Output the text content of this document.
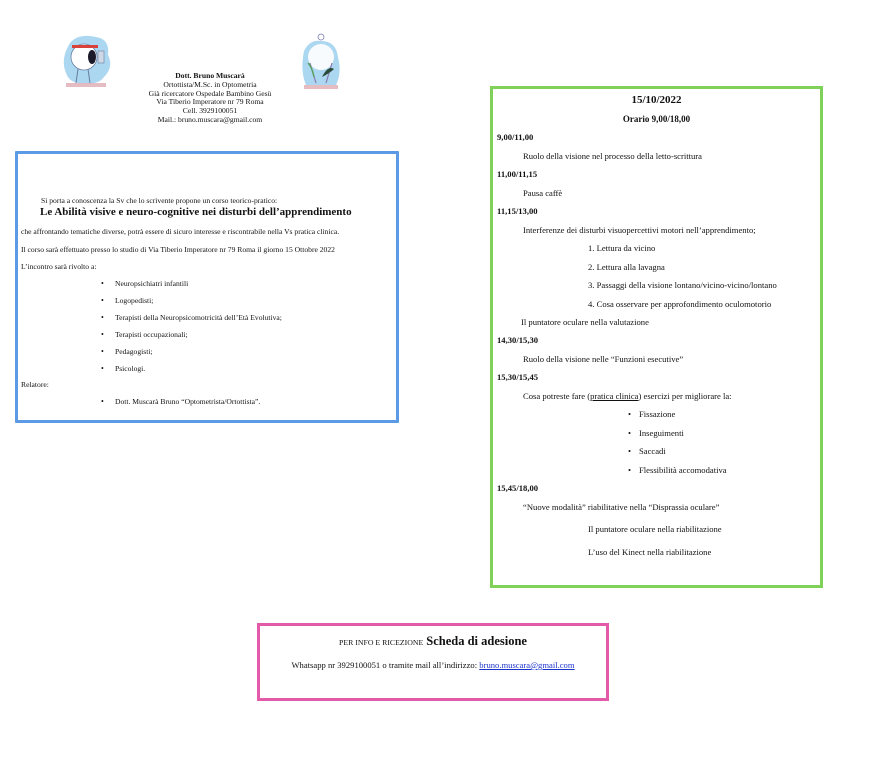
Dott. Bruno Muscarà
Ortottista/M.Sc. in Optometria
Già ricercatore Ospedale Bambino Gesù
Via Tiberio Imperatore nr 79 Roma
Cell. 3929100051
Mail.: bruno.muscara@gmail.com
Si porta a conoscenza la Sv che lo scrivente propone un corso teorico-pratico:
Le Abilità visive e neuro-cognitive nei disturbi dell’apprendimento
che affrontando tematiche diverse, potrà essere di sicuro interesse e riscontrabile nella Vs pratica clinica.
Il corso sarà effettuato presso lo studio di Via Tiberio Imperatore nr 79 Roma il giorno 15 Ottobre 2022
L’incontro sarà rivolto a:
• Neuropsichiatri infantili
• Logopedisti;
• Terapisti della Neuropsicomotricità dell’Età Evolutiva;
• Terapisti occupazionali;
• Pedagogisti;
• Psicologi.
Relatore:
• Dott. Muscarà Bruno “Optometrista/Ortottista”.
15/10/2022
Orario 9,00/18,00
9,00/11,00
Ruolo della visione nel processo della letto-scrittura
11,00/11,15
Pausa caffè
11,15/13,00
Interferenze dei disturbi visuopercettivi motori nell’apprendimento;
1. Lettura da vicino
2. Lettura alla lavagna
3. Passaggi della visione lontano/vicino-vicino/lontano
4. Cosa osservare per approfondimento oculomotorio
Il puntatore oculare nella valutazione
14,30/15,30
Ruolo della visione nelle “Funzioni esecutive”
15,30/15,45
Cosa potreste fare (pratica clinica) esercizi per migliorare la:
• Fissazione
• Inseguimenti
• Saccadi
• Flessibilità accomodativa
15,45/18,00
“Nuove modalità” riabilitative nella “Disprassia oculare”
Il puntatore oculare nella riabilitazione
L’uso del Kinect nella riabilitazione
PER INFO E RICEZIONE Scheda di adesione
Whatsapp nr 3929100051 o tramite mail all’indirizzo: bruno.muscara@gmail.com
